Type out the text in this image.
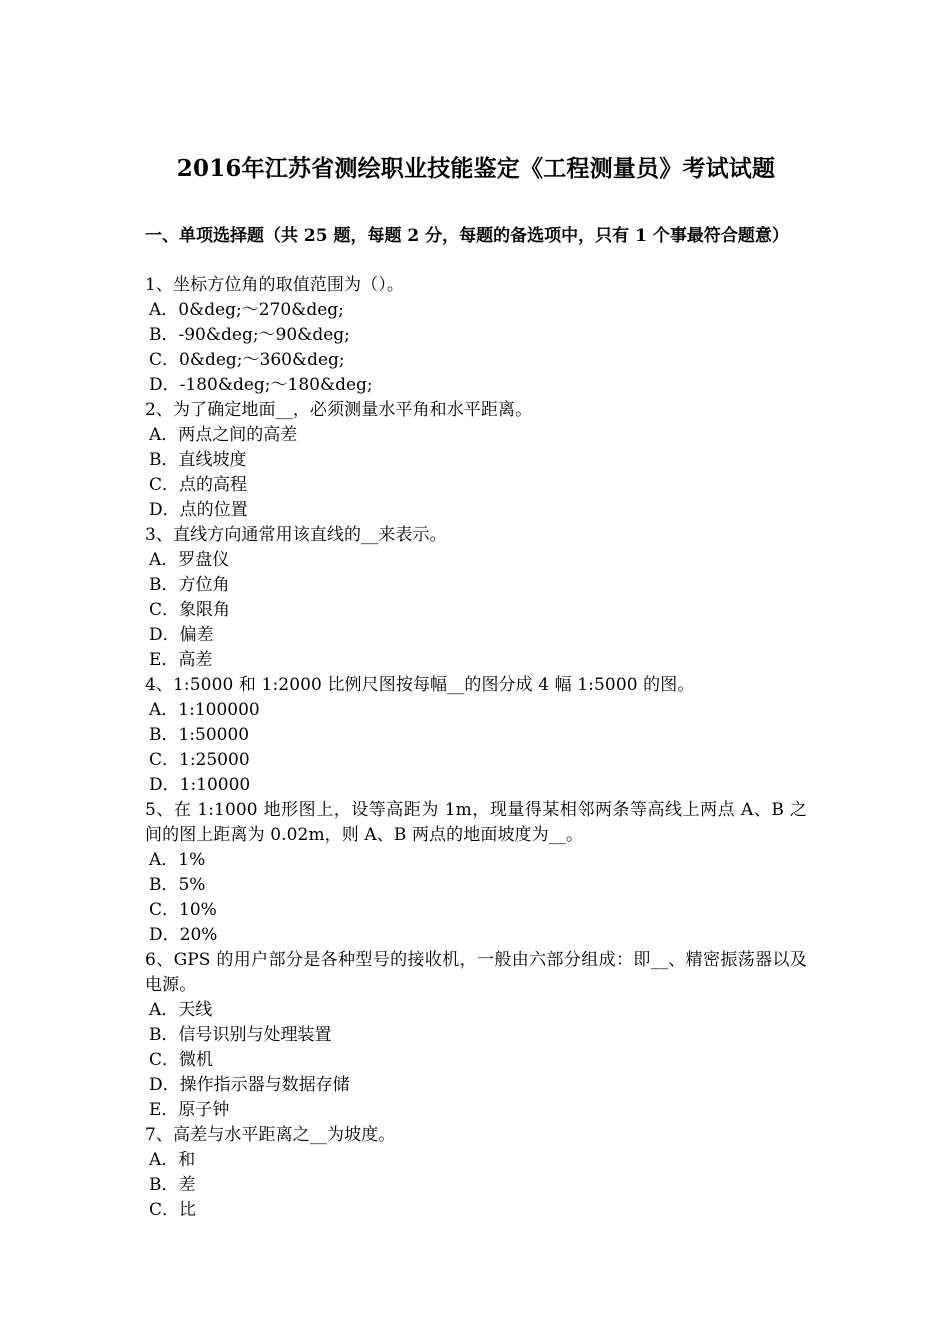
2016年江苏省测绘职业技能鉴定《工程测量员》考试试题
一、单项选择题（共 25 题，每题 2 分，每题的备选项中，只有 1 个事最符合题意）

1、坐标方位角的取值范围为（）。

A．0&deg;～270&deg;

B．-90&deg;～90&deg;

C．0&deg;～360&deg;

D．-180&deg;～180&deg;

2、为了确定地面__，必须测量水平角和水平距离。

A．两点之间的高差

B．直线坡度

C．点的高程

D．点的位置

3、直线方向通常用该直线的__来表示。

A．罗盘仪

B．方位角

C．象限角

D．偏差

E．高差

4、1:5000 和 1:2000 比例尺图按每幅__的图分成 4 幅 1:5000 的图。

A．1:100000

B．1:50000

C．1:25000

D．1:10000

5、在 1:1000 地形图上，设等高距为 1m，现量得某相邻两条等高线上两点 A、B 之间的图上距离为 0.02m，则 A、B 两点的地面坡度为__。

A．1%

B．5%

C．10%

D．20%

6、GPS 的用户部分是各种型号的接收机，一般由六部分组成：即__、精密振荡器以及电源。

A．天线

B．信号识别与处理装置

C．微机

D．操作指示器与数据存储

E．原子钟

7、高差与水平距离之__为坡度。

A．和

B．差

C．比
